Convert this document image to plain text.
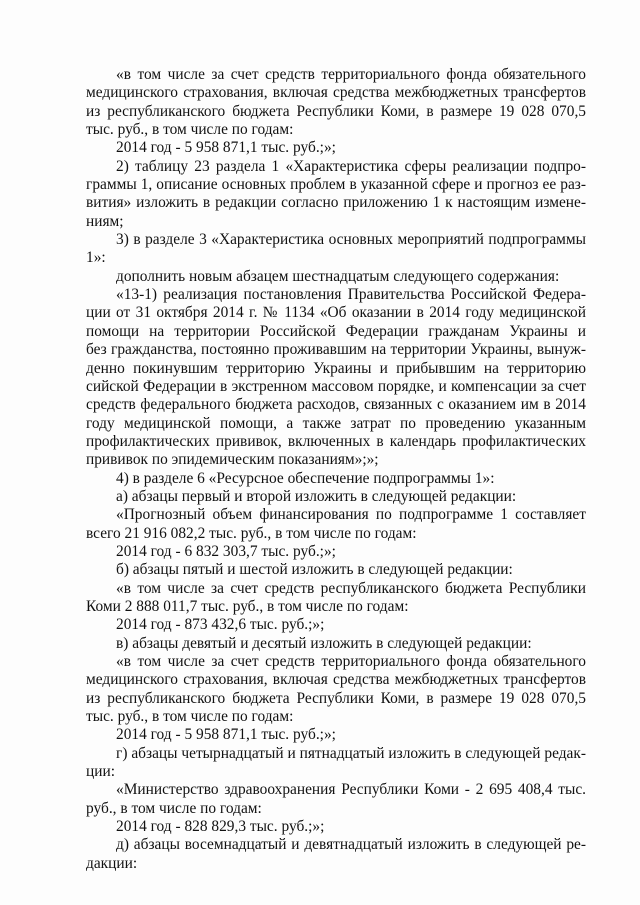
«в том числе за счет средств территориального фонда обязательного
медицинского страхования, включая средства межбюджетных трансфертов
из республиканского бюджета Республики Коми, в размере 19 028 070,5
тыс. руб., в том числе по годам:
2014 год - 5 958 871,1 тыс. руб.;»;
2) таблицу 23 раздела 1 «Характеристика сферы реализации подпро-
граммы 1, описание основных проблем в указанной сфере и прогноз ее раз-
вития» изложить в редакции согласно приложению 1 к настоящим измене-
ниям;
3) в разделе 3 «Характеристика основных мероприятий подпрограммы
1»:
дополнить новым абзацем шестнадцатым следующего содержания:
«13-1) реализация постановления Правительства Российской Федера-
ции от 31 октября 2014 г. № 1134 «Об оказании в 2014 году медицинской
помощи на территории Российской Федерации гражданам Украины и
без гражданства, постоянно проживавшим на территории Украины, вынуж-
денно покинувшим территорию Украины и прибывшим на территорию
сийской Федерации в экстренном массовом порядке, и компенсации за счет
средств федерального бюджета расходов, связанных с оказанием им в 2014
году медицинской помощи, а также затрат по проведению указанным
профилактических прививок, включенных в календарь профилактических
прививок по эпидемическим показаниям»;»;
4) в разделе 6 «Ресурсное обеспечение подпрограммы 1»:
а) абзацы первый и второй изложить в следующей редакции:
«Прогнозный объем финансирования по подпрограмме 1 составляет
всего 21 916 082,2 тыс. руб., в том числе по годам:
2014 год - 6 832 303,7 тыс. руб.;»;
б) абзацы пятый и шестой изложить в следующей редакции:
«в том числе за счет средств республиканского бюджета Республики
Коми 2 888 011,7 тыс. руб., в том числе по годам:
2014 год - 873 432,6 тыс. руб.;»;
в) абзацы девятый и десятый изложить в следующей редакции:
«в том числе за счет средств территориального фонда обязательного
медицинского страхования, включая средства межбюджетных трансфертов
из республиканского бюджета Республики Коми, в размере 19 028 070,5
тыс. руб., в том числе по годам:
2014 год - 5 958 871,1 тыс. руб.;»;
г) абзацы четырнадцатый и пятнадцатый изложить в следующей редак-
ции:
«Министерство здравоохранения Республики Коми - 2 695 408,4 тыс.
руб., в том числе по годам:
2014 год - 828 829,3 тыс. руб.;»;
д) абзацы восемнадцатый и девятнадцатый изложить в следующей ре-
дакции:
